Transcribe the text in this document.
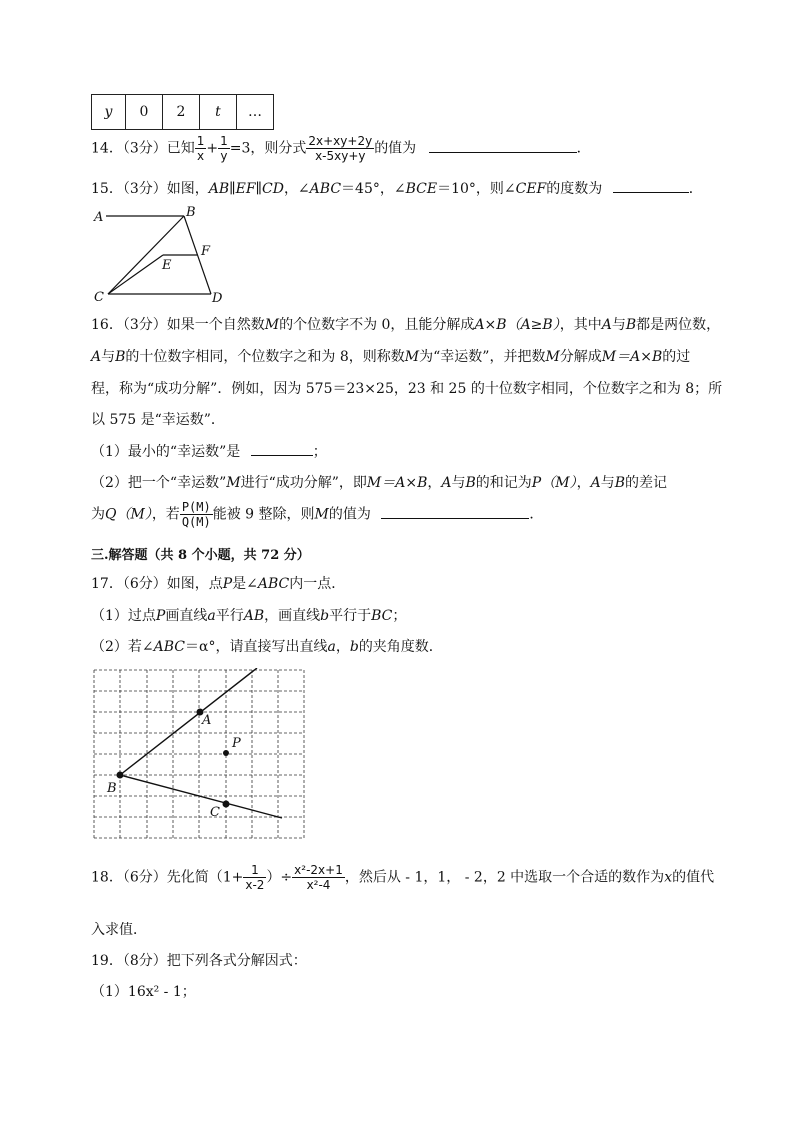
y	0	2	t	…
14．（3分）已知 $\frac{1}{x} + \frac{1}{y} =3$，则分式 $\frac{2x+xy+2y}{x-5xy+y}$ 的值为	．
15．（3分）如图，AB∥EF∥CD，∠ABC＝45°，∠BCE＝10°，则∠CEF的度数为	．
A	B
E
F
C	D
16．（3分）如果一个自然数M的个位数字不为 0，且能分解成A×B（A≥B），其中A与B都是两位数，
A与B的十位数字相同，个位数字之和为 8，则称数M为“幸运数”，并把数M分解成M＝A×B的过
程，称为“成功分解”．例如，因为 575＝23×25，23 和 25 的十位数字相同，个位数字之和为 8；所
以 575 是“幸运数”．
（1）最小的“幸运数”是	；
（2）把一个“幸运数”M进行“成功分解”，即M＝A×B，A与B的和记为P（M），A与B的差记
为Q（M），若 $\frac{P(M)}{Q(M)}$ 能被 9 整除，则M的值为	．
三.解答题（共 8 个小题，共 72 分）
17．（6分）如图，点P是∠ABC内一点．
（1）过点P画直线a平行AB，画直线b平行于BC；
（2）若∠ABC＝α°，请直接写出直线a，b的夹角度数．
A
P
B
C
18．（6分）先化简（$1+ \frac{1}{x-2}$ ）÷ $\frac{\text{x²-2x+1}}{\text{x²-4}}$ ，然后从 - 1，1， - 2，2 中选取一个合适的数作为x的值代
入求值．
19．（8分）把下列各式分解因式：
（1）16x² - 1；
